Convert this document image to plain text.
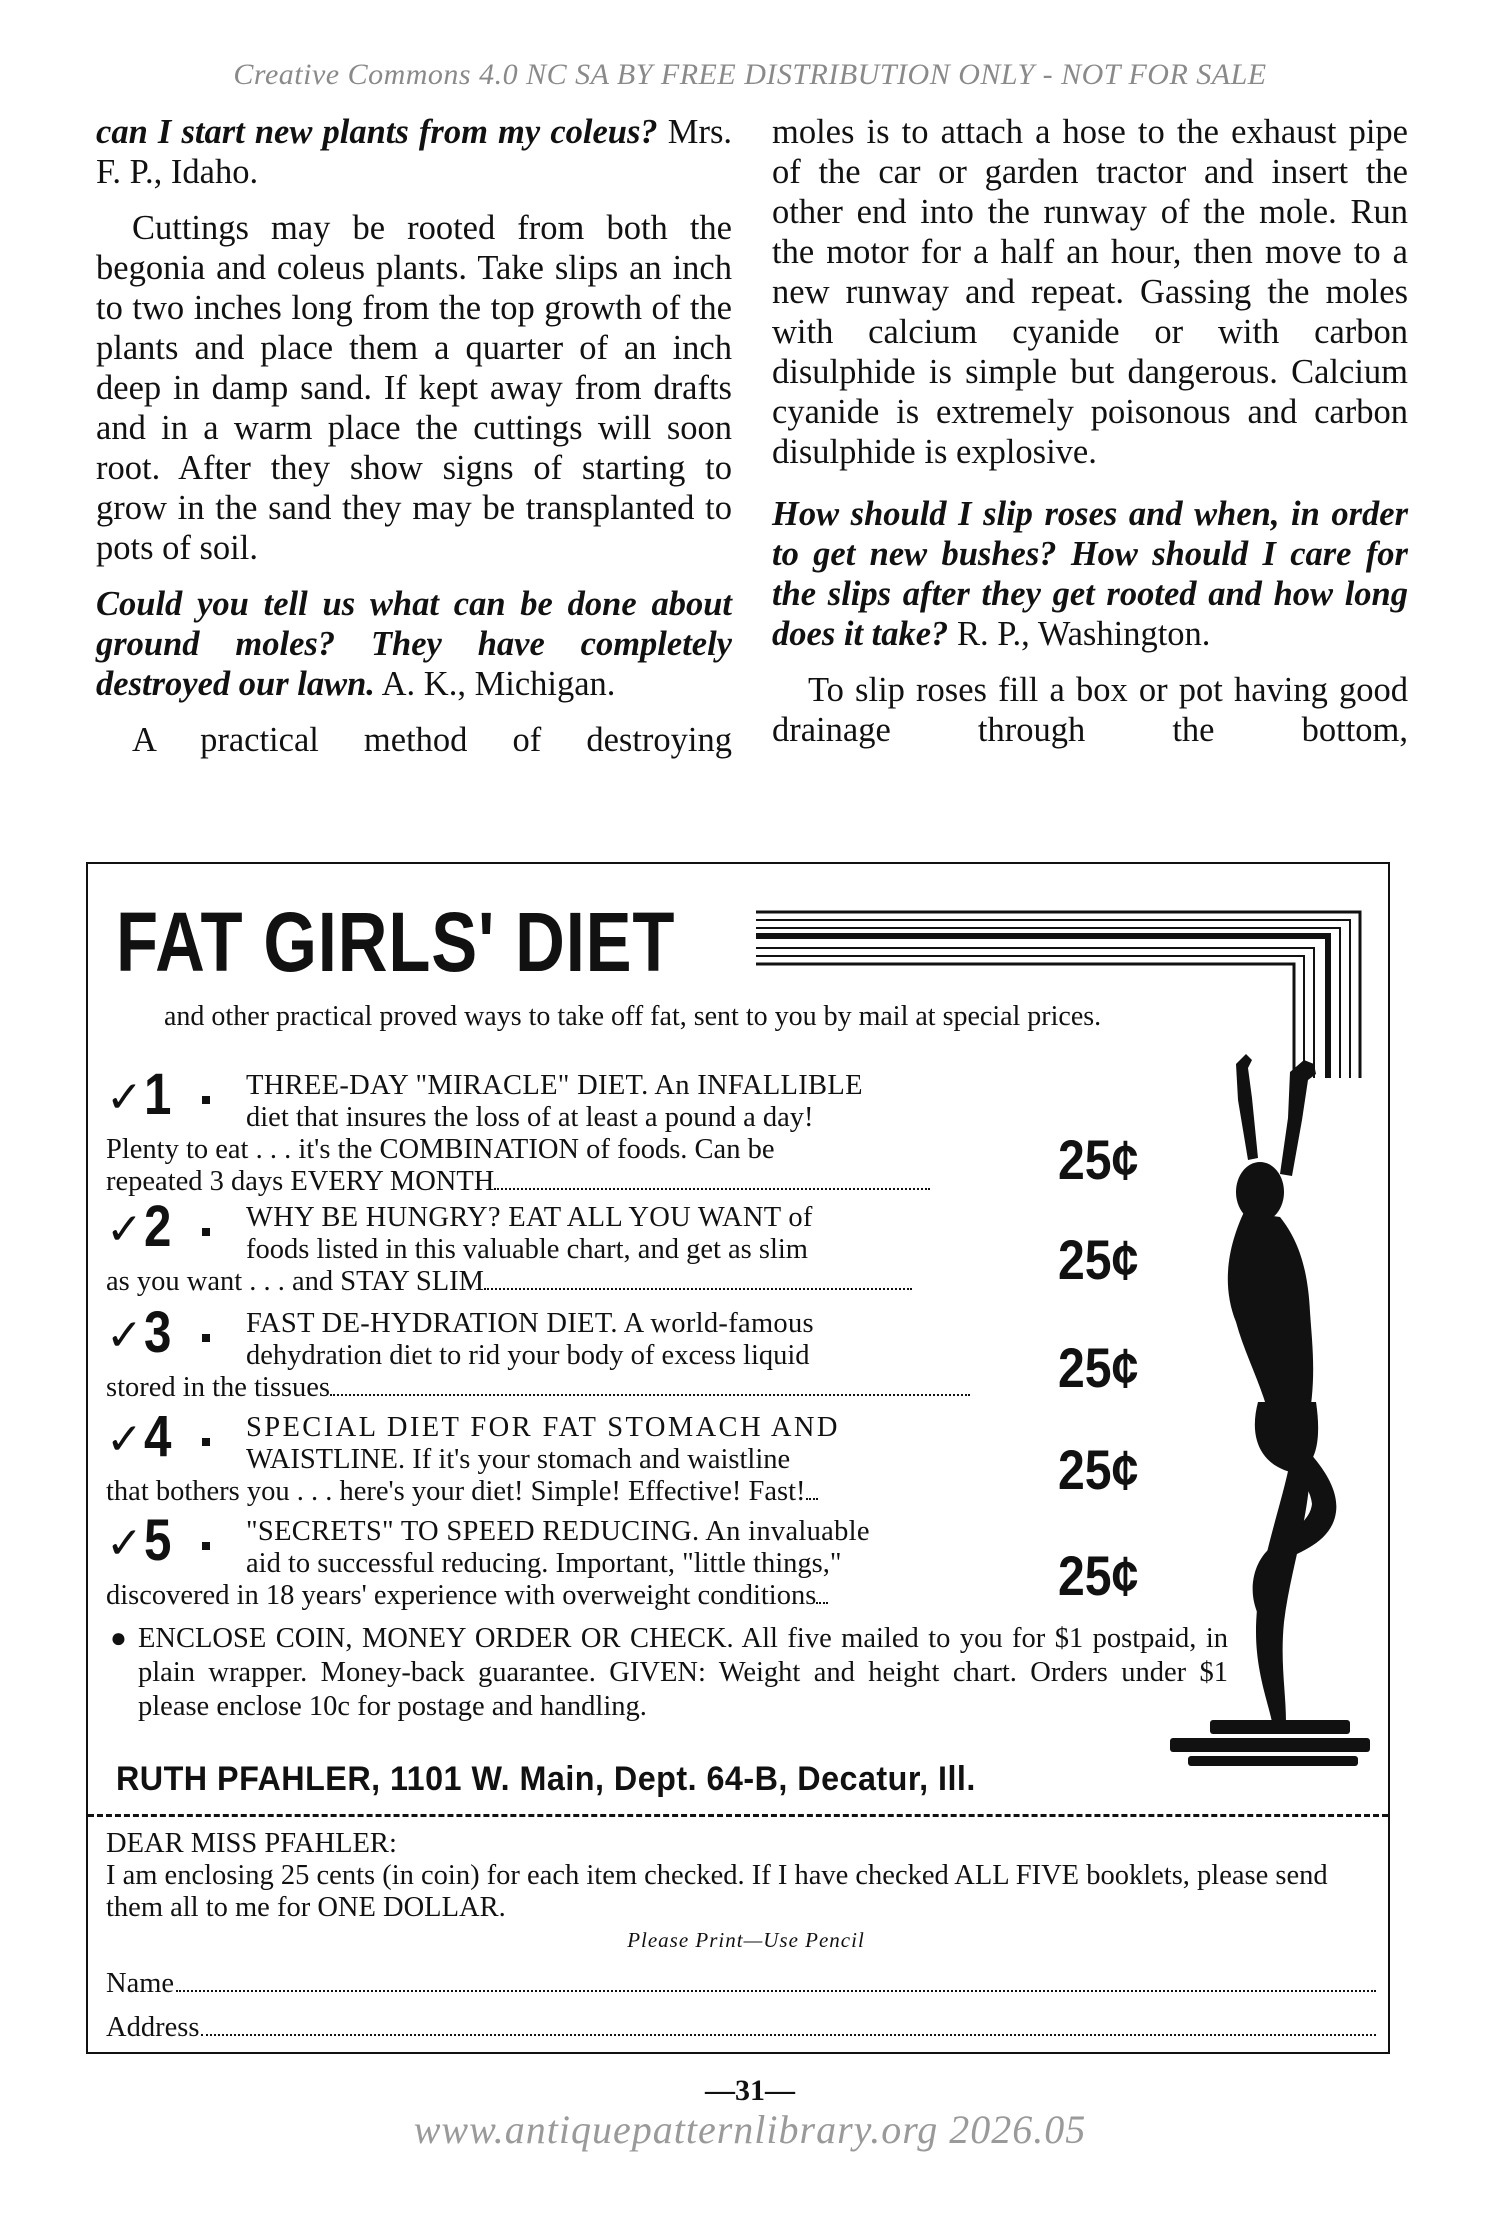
Creative Commons 4.0 NC SA BY FREE DISTRIBUTION ONLY - NOT FOR SALE

can I start new plants from my coleus? Mrs. F. P., Idaho.

Cuttings may be rooted from both the begonia and coleus plants. Take slips an inch to two inches long from the top growth of the plants and place them a quarter of an inch deep in damp sand. If kept away from drafts and in a warm place the cuttings will soon root. After they show signs of starting to grow in the sand they may be transplanted to pots of soil.

Could you tell us what can be done about ground moles? They have completely destroyed our lawn. A. K., Michigan.

A practical method of destroying

moles is to attach a hose to the exhaust pipe of the car or garden tractor and insert the other end into the runway of the mole. Run the motor for a half an hour, then move to a new runway and repeat. Gassing the moles with calcium cyanide or with carbon disulphide is simple but dangerous. Calcium cyanide is extremely poisonous and carbon disulphide is explosive.

How should I slip roses and when, in order to get new bushes? How should I care for the slips after they get rooted and how long does it take? R. P., Washington.

To slip roses fill a box or pot having good drainage through the bottom,

FAT GIRLS' DIET
and other practical proved ways to take off fat, sent to you by mail at special prices.
✓ 1	THREE-DAY "MIRACLE" DIET. An INFALLIBLE
diet that insures the loss of at least a pound a day!
Plenty to eat . . . it's the COMBINATION of foods. Can be
repeated 3 days EVERY MONTH	25¢
✓ 2	WHY BE HUNGRY? EAT ALL YOU WANT of
foods listed in this valuable chart, and get as slim
as you want . . . and STAY SLIM	25¢
✓ 3	FAST DE-HYDRATION DIET. A world-famous
dehydration diet to rid your body of excess liquid
stored in the tissues	25¢
✓ 4	SPECIAL DIET FOR FAT STOMACH AND
WAISTLINE. If it's your stomach and waistline
that bothers you . . . here's your diet! Simple! Effective! Fast!	25¢
✓ 5	"SECRETS" TO SPEED REDUCING. An invaluable
aid to successful reducing. Important, "little things,"
discovered in 18 years' experience with overweight conditions	25¢
● ENCLOSE COIN, MONEY ORDER OR CHECK. All five mailed to you for $1 postpaid, in plain wrapper. Money-back guarantee. GIVEN: Weight and height chart. Orders under $1 please enclose 10c for postage and handling.
RUTH PFAHLER, 1101 W. Main, Dept. 64-B, Decatur, Ill.
DEAR MISS PFAHLER:
I am enclosing 25 cents (in coin) for each item checked. If I have checked ALL FIVE booklets, please send them all to me for ONE DOLLAR.
Please Print—Use Pencil
Name
Address
—31—
www.antiquepatternlibrary.org 2026.05
